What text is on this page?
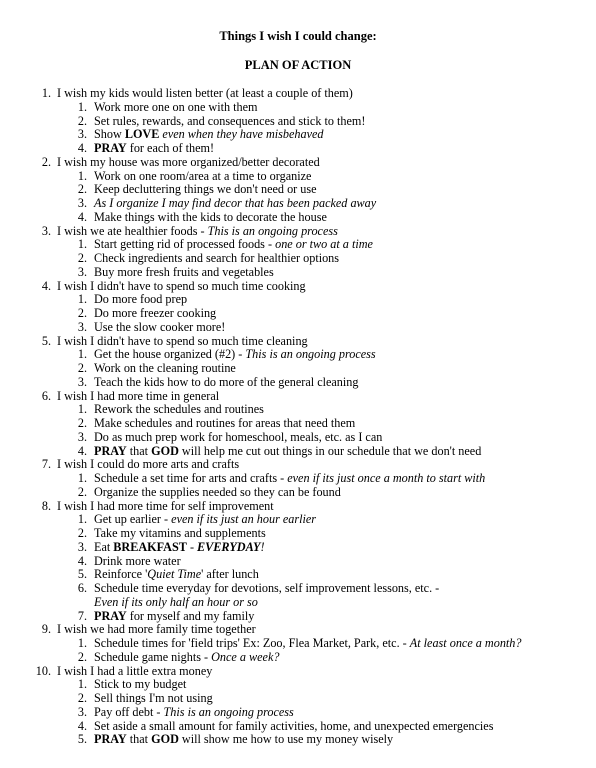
Things I wish I could change:
PLAN OF ACTION
1. I wish my kids would listen better (at least a couple of them)
1. Work more one on one with them
2. Set rules, rewards, and consequences and stick to them!
3. Show LOVE even when they have misbehaved
4. PRAY for each of them!
2. I wish my house was more organized/better decorated
1. Work on one room/area at a time to organize
2. Keep decluttering things we don't need or use
3. As I organize I may find decor that has been packed away
4. Make things with the kids to decorate the house
3. I wish we ate healthier foods - This is an ongoing process
1. Start getting rid of processed foods - one or two at a time
2. Check ingredients and search for healthier options
3. Buy more fresh fruits and vegetables
4. I wish I didn't have to spend so much time cooking
1. Do more food prep
2. Do more freezer cooking
3. Use the slow cooker more!
5. I wish I didn't have to spend so much time cleaning
1. Get the house organized (#2) - This is an ongoing process
2. Work on the cleaning routine
3. Teach the kids how to do more of the general cleaning
6. I wish I had more time in general
1. Rework the schedules and routines
2. Make schedules and routines for areas that need them
3. Do as much prep work for homeschool, meals, etc. as I can
4. PRAY that GOD will help me cut out things in our schedule that we don't need
7. I wish I could do more arts and crafts
1. Schedule a set time for arts and crafts - even if its just once a month to start with
2. Organize the supplies needed so they can be found
8. I wish I had more time for self improvement
1. Get up earlier - even if its just an hour earlier
2. Take my vitamins and supplements
3. Eat BREAKFAST - EVERYDAY!
4. Drink more water
5. Reinforce 'Quiet Time' after lunch
6. Schedule time everyday for devotions, self improvement lessons, etc. -
Even if its only half an hour or so
7. PRAY for myself and my family
9. I wish we had more family time together
1. Schedule times for 'field trips' Ex: Zoo, Flea Market, Park, etc. - At least once a month?
2. Schedule game nights - Once a week?
10. I wish I had a little extra money
1. Stick to my budget
2. Sell things I'm not using
3. Pay off debt - This is an ongoing process
4. Set aside a small amount for family activities, home, and unexpected emergencies
5. PRAY that GOD will show me how to use my money wisely
